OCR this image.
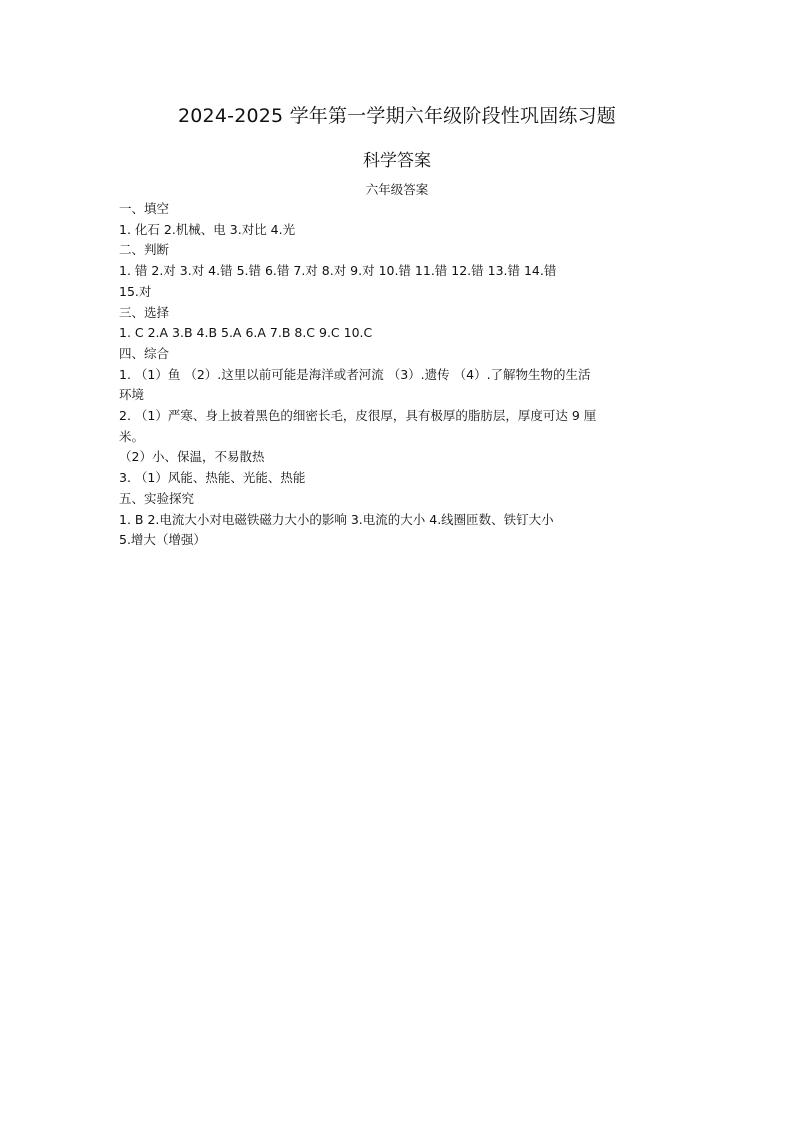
2024-2025 学年第一学期六年级阶段性巩固练习题
科学答案
六年级答案
一、填空
1. 化石 2.机械、电 3.对比 4.光
二、判断
1. 错 2.对 3.对 4.错 5.错 6.错 7.对 8.对 9.对 10.错 11.错 12.错 13.错 14.错
15.对
三、选择
1. C 2.A 3.B 4.B 5.A 6.A 7.B 8.C 9.C 10.C
四、综合
1. （1）鱼 （2）.这里以前可能是海洋或者河流 （3）.遗传 （4）.了解物生物的生活
环境
2. （1）严寒、身上披着黑色的细密长毛，皮很厚，具有极厚的脂肪层，厚度可达 9 厘
米。
（2）小、保温，不易散热
3. （1）风能、热能、光能、热能
五、实验探究
1. B 2.电流大小对电磁铁磁力大小的影响 3.电流的大小 4.线圈匝数、铁钉大小
5.增大（增强）
